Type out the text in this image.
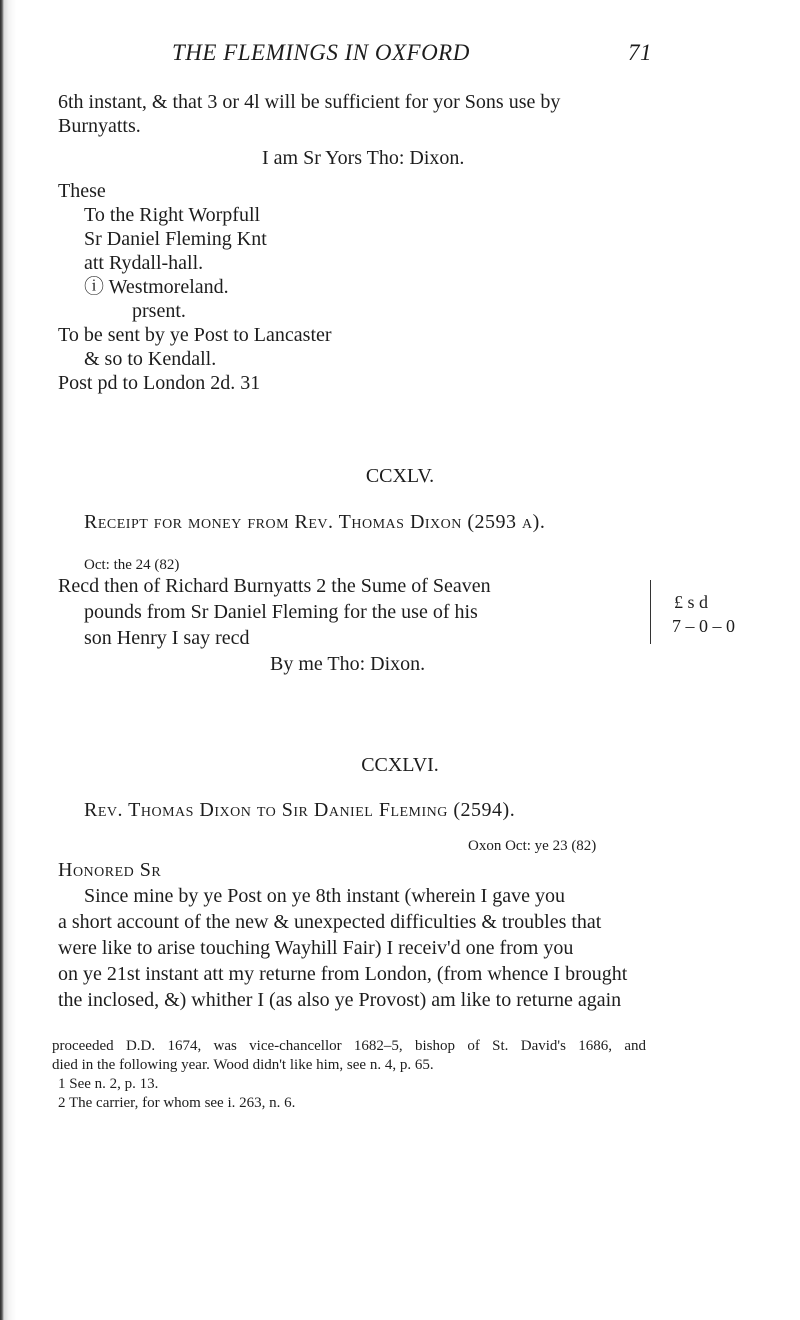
THE FLEMINGS IN OXFORD	71
6th instant, & that 3 or 4l will be sufficient for yor Sons use by
Burnyatts.
I am Sr Yors Tho: Dixon.
These
To the Right Worpfull
Sr Daniel Fleming Knt
att Rydall-hall.
ⓘ Westmoreland.
prsent.
To be sent by ye Post to Lancaster
& so to Kendall.
Post pd to London 2d. 31
CCXLV.
Receipt for money from Rev. Thomas Dixon (2593 a).
Oct: the 24 (82)
Recd then of Richard Burnyatts 2 the Sume of Seaven
pounds from Sr Daniel Fleming for the use of his
son Henry I say recd
By me Tho: Dixon.
£ s d
7 – 0 – 0
CCXLVI.
Rev. Thomas Dixon to Sir Daniel Fleming (2594).
Oxon Oct: ye 23 (82)
Honored Sr
Since mine by ye Post on ye 8th instant (wherein I gave you
a short account of the new & unexpected difficulties & troubles that
were like to arise touching Wayhill Fair) I receiv'd one from you
on ye 21st instant att my returne from London, (from whence I brought
the inclosed, &) whither I (as also ye Provost) am like to returne again
proceeded D.D. 1674, was vice-chancellor 1682–5, bishop of St. David's 1686, and
died in the following year. Wood didn't like him, see n. 4, p. 65.
1 See n. 2, p. 13.
2 The carrier, for whom see i. 263, n. 6.
